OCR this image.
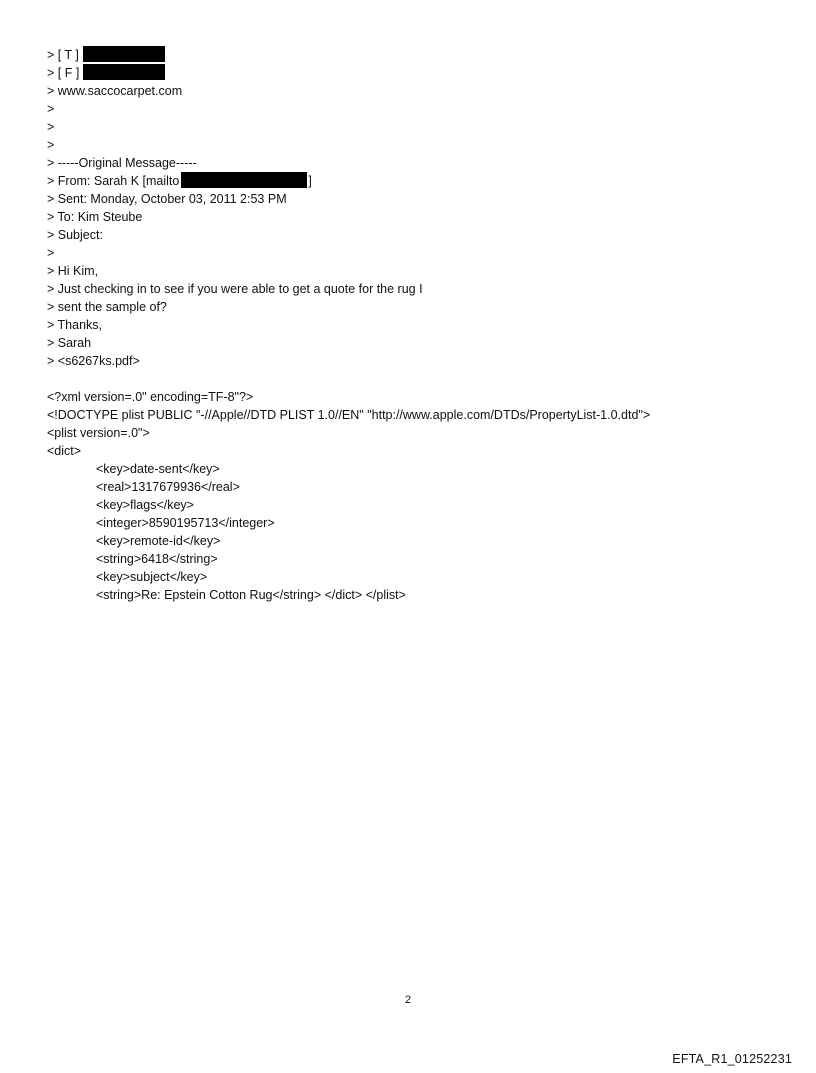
> [ T ]
> [ F ]
> www.saccocarpet.com
>
>
>
> -----Original Message-----
> From: Sarah K [mailto	]
> Sent: Monday, October 03, 2011 2:53 PM
> To: Kim Steube
> Subject:
>
> Hi Kim,
> Just checking in to see if you were able to get a quote for the rug I
> sent the sample of?
> Thanks,
> Sarah
> <s6267ks.pdf>
<?xml version=.0" encoding=TF-8"?>
<!DOCTYPE plist PUBLIC "-//Apple//DTD PLIST 1.0//EN" "http://www.apple.com/DTDs/PropertyList-1.0.dtd">
<plist version=.0">
<dict>
<key>date-sent</key>
<real>1317679936</real>
<key>flags</key>
<integer>8590195713</integer>
<key>remote-id</key>
<string>6418</string>
<key>subject</key>
<string>Re: Epstein Cotton Rug</string> </dict> </plist>
2
EFTA_R1_01252231
